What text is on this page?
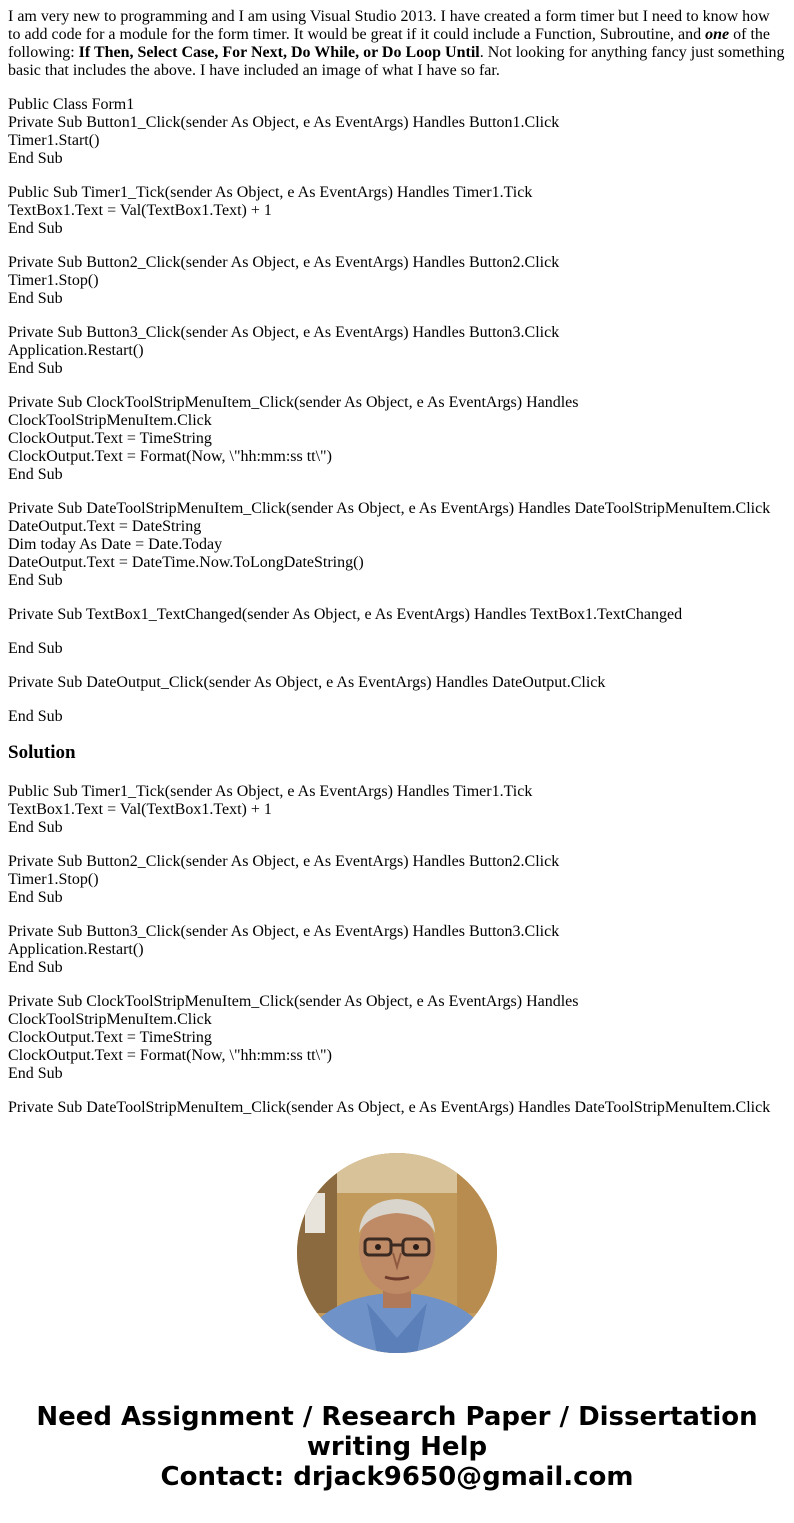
I am very new to programming and I am using Visual Studio 2013. I have created a form timer but I need to know how to add code for a module for the form timer. It would be great if it could include a Function, Subroutine, and one of the following: If Then, Select Case, For Next, Do While, or Do Loop Until. Not looking for anything fancy just something basic that includes the above. I have included an image of what I have so far.

Public Class Form1
Private Sub Button1_Click(sender As Object, e As EventArgs) Handles Button1.Click
Timer1.Start()
End Sub
Public Sub Timer1_Tick(sender As Object, e As EventArgs) Handles Timer1.Tick
TextBox1.Text = Val(TextBox1.Text) + 1
End Sub
Private Sub Button2_Click(sender As Object, e As EventArgs) Handles Button2.Click
Timer1.Stop()
End Sub
Private Sub Button3_Click(sender As Object, e As EventArgs) Handles Button3.Click
Application.Restart()
End Sub
Private Sub ClockToolStripMenuItem_Click(sender As Object, e As EventArgs) Handles
ClockToolStripMenuItem.Click
ClockOutput.Text = TimeString
ClockOutput.Text = Format(Now, \"hh:mm:ss tt\")
End Sub
Private Sub DateToolStripMenuItem_Click(sender As Object, e As EventArgs) Handles DateToolStripMenuItem.Click
DateOutput.Text = DateString
Dim today As Date = Date.Today
DateOutput.Text = DateTime.Now.ToLongDateString()
End Sub
Private Sub TextBox1_TextChanged(sender As Object, e As EventArgs) Handles TextBox1.TextChanged
End Sub
Private Sub DateOutput_Click(sender As Object, e As EventArgs) Handles DateOutput.Click
End Sub
Solution
Public Sub Timer1_Tick(sender As Object, e As EventArgs) Handles Timer1.Tick
TextBox1.Text = Val(TextBox1.Text) + 1
End Sub
Private Sub Button2_Click(sender As Object, e As EventArgs) Handles Button2.Click
Timer1.Stop()
End Sub
Private Sub Button3_Click(sender As Object, e As EventArgs) Handles Button3.Click
Application.Restart()
End Sub
Private Sub ClockToolStripMenuItem_Click(sender As Object, e As EventArgs) Handles
ClockToolStripMenuItem.Click
ClockOutput.Text = TimeString
ClockOutput.Text = Format(Now, \"hh:mm:ss tt\")
End Sub
Private Sub DateToolStripMenuItem_Click(sender As Object, e As EventArgs) Handles DateToolStripMenuItem.Click
Need Assignment / Research Paper / Dissertation
writing Help
Contact: drjack9650@gmail.com
